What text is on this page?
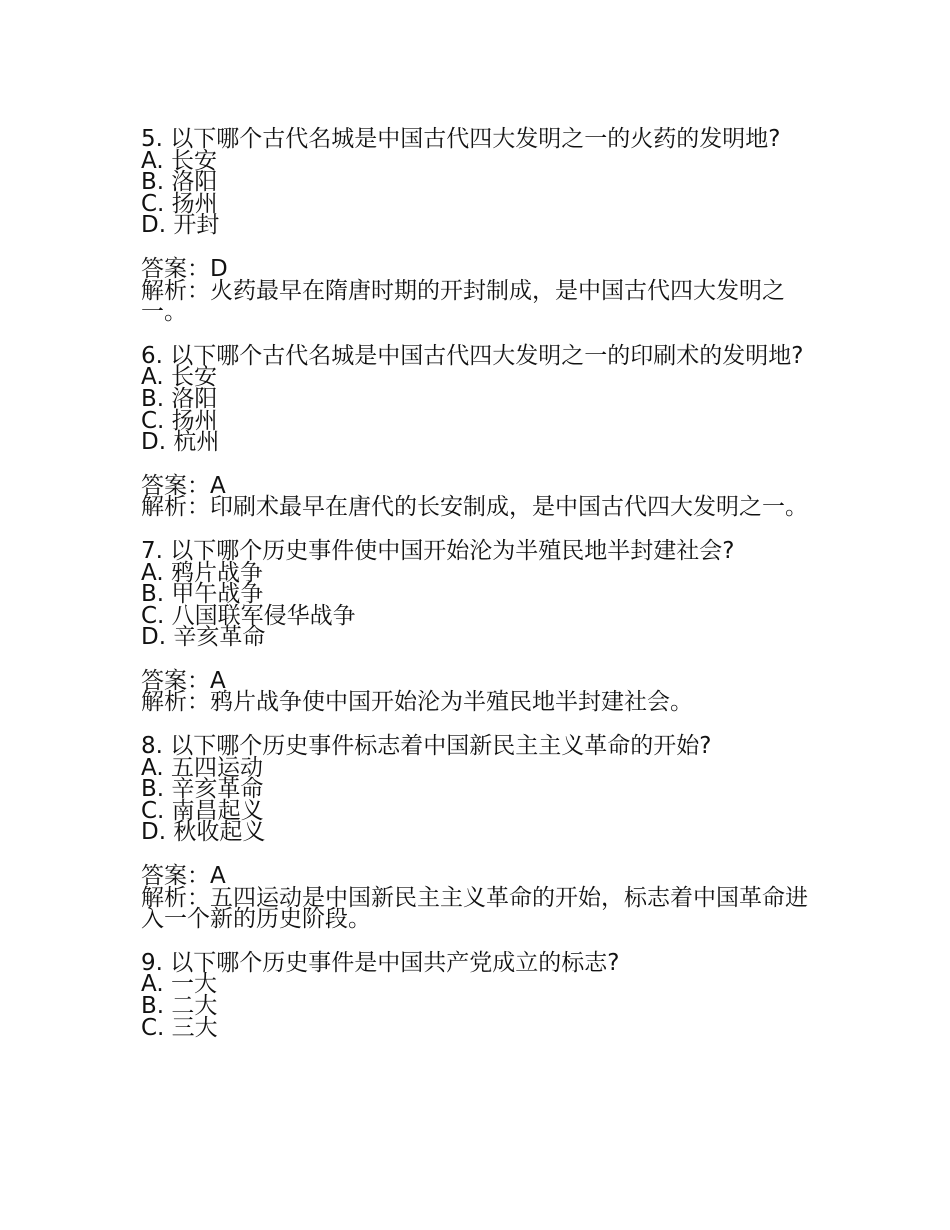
5. 以下哪个古代名城是中国古代四大发明之一的火药的发明地?

A. 长安

B. 洛阳

C. 扬州

D. 开封

答案：D

解析：火药最早在隋唐时期的开封制成，是中国古代四大发明之一。

6. 以下哪个古代名城是中国古代四大发明之一的印刷术的发明地?

A. 长安

B. 洛阳

C. 扬州

D. 杭州

答案：A

解析：印刷术最早在唐代的长安制成，是中国古代四大发明之一。

7. 以下哪个历史事件使中国开始沦为半殖民地半封建社会?

A. 鸦片战争

B. 甲午战争

C. 八国联军侵华战争

D. 辛亥革命

答案：A

解析：鸦片战争使中国开始沦为半殖民地半封建社会。

8. 以下哪个历史事件标志着中国新民主主义革命的开始?

A. 五四运动

B. 辛亥革命

C. 南昌起义

D. 秋收起义

答案：A

解析：五四运动是中国新民主主义革命的开始，标志着中国革命进入一个新的历史阶段。

9. 以下哪个历史事件是中国共产党成立的标志?

A. 一大

B. 二大

C. 三大
